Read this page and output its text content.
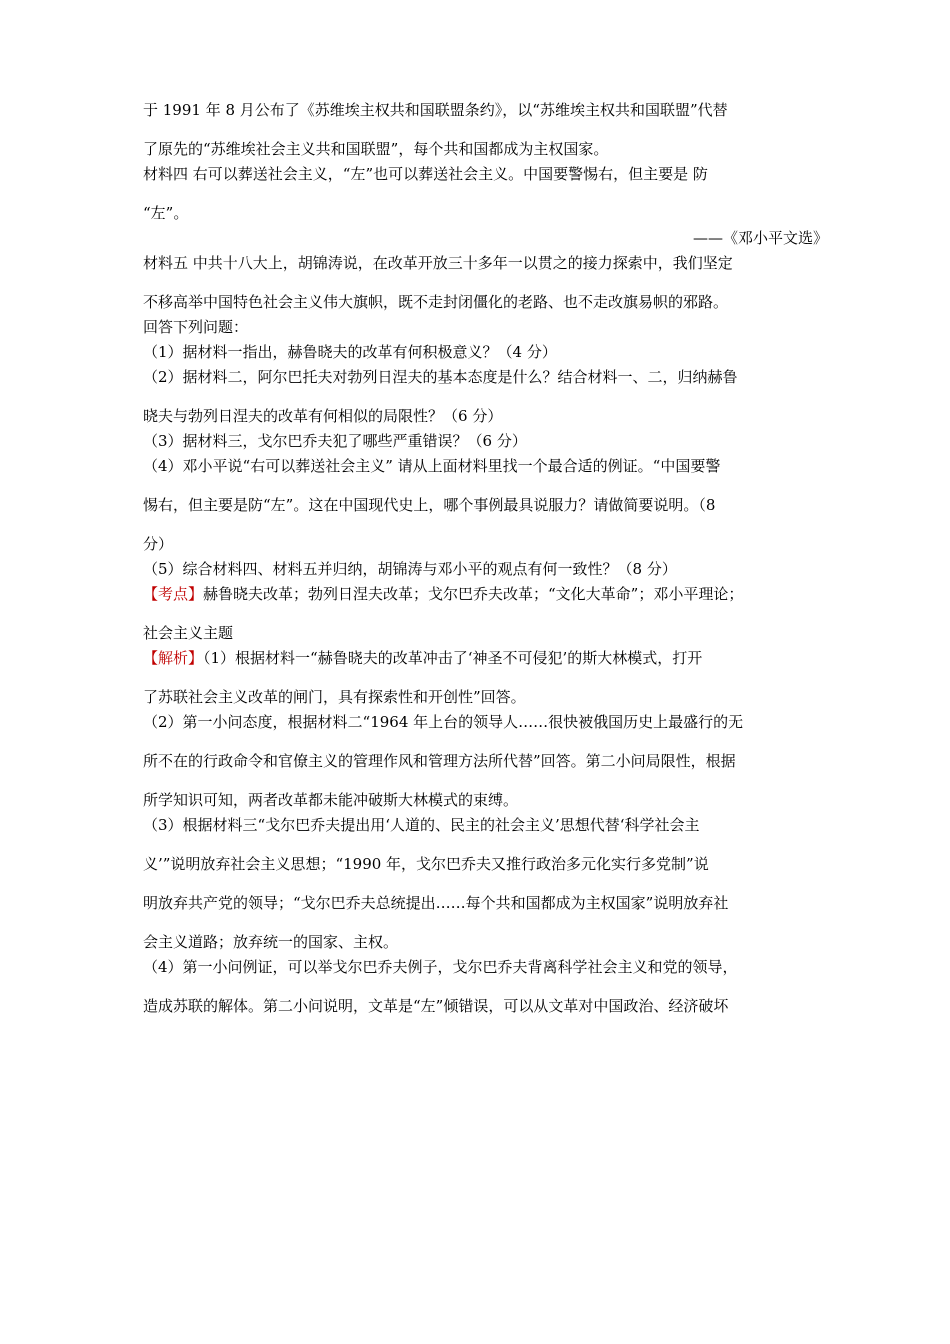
于 1991 年 8 月公布了《苏维埃主权共和国联盟条约》，以“苏维埃主权共和国联盟”代替
了原先的“苏维埃社会主义共和国联盟”，每个共和国都成为主权国家。
材料四 右可以葬送社会主义，“左”也可以葬送社会主义。中国要警惕右，但主要是 防
“左”。
——《邓小平文选》
材料五 中共十八大上，胡锦涛说，在改革开放三十多年一以贯之的接力探索中，我们坚定
不移高举中国特色社会主义伟大旗帜，既不走封闭僵化的老路、也不走改旗易帜的邪路。
回答下列问题：
（1）据材料一指出，赫鲁晓夫的改革有何积极意义？（4 分）
（2）据材料二，阿尔巴托夫对勃列日涅夫的基本态度是什么？结合材料一、二，归纳赫鲁
晓夫与勃列日涅夫的改革有何相似的局限性？（6 分）
（3）据材料三，戈尔巴乔夫犯了哪些严重错误？（6 分）
（4）邓小平说“右可以葬送社会主义” 请从上面材料里找一个最合适的例证。“中国要警
惕右，但主要是防“左”。这在中国现代史上，哪个事例最具说服力？请做简要说明。（8
分）
（5）综合材料四、材料五并归纳，胡锦涛与邓小平的观点有何一致性？（8 分）
【考点】赫鲁晓夫改革；勃列日涅夫改革；戈尔巴乔夫改革；“文化大革命”；邓小平理论；
社会主义主题
【解析】（1）根据材料一“赫鲁晓夫的改革冲击了‘神圣不可侵犯’的斯大林模式，打开
了苏联社会主义改革的闸门，具有探索性和开创性”回答。
（2）第一小问态度，根据材料二“1964 年上台的领导人……很快被俄国历史上最盛行的无
所不在的行政命令和官僚主义的管理作风和管理方法所代替”回答。第二小问局限性，根据
所学知识可知，两者改革都未能冲破斯大林模式的束缚。
（3）根据材料三“戈尔巴乔夫提出用‘人道的、民主的社会主义’思想代替‘科学社会主
义’”说明放弃社会主义思想；“1990 年，戈尔巴乔夫又推行政治多元化实行多党制”说
明放弃共产党的领导；“戈尔巴乔夫总统提出……每个共和国都成为主权国家”说明放弃社
会主义道路；放弃统一的国家、主权。
（4）第一小问例证，可以举戈尔巴乔夫例子，戈尔巴乔夫背离科学社会主义和党的领导，
造成苏联的解体。第二小问说明，文革是“左”倾错误，可以从文革对中国政治、经济破坏
